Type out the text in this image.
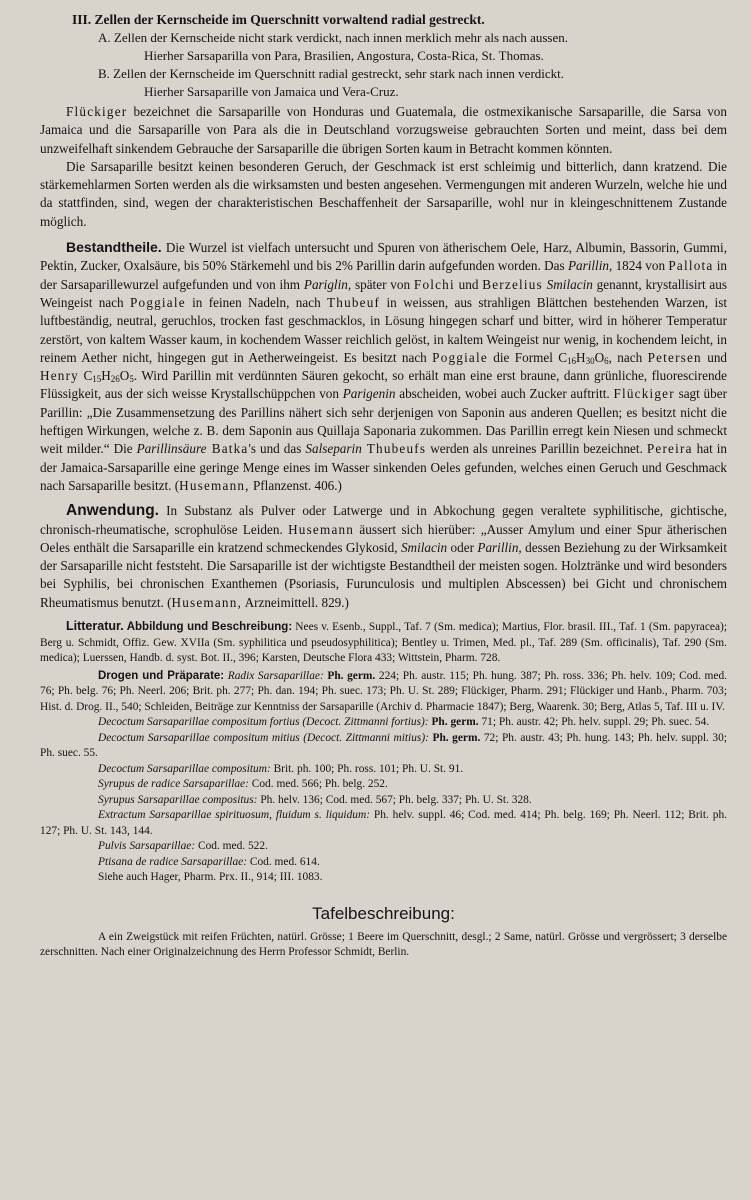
III. Zellen der Kernscheide im Querschnitt vorwaltend radial gestreckt.

A. Zellen der Kernscheide nicht stark verdickt, nach innen merklich mehr als nach aussen.

Hierher Sarsaparilla von Para, Brasilien, Angostura, Costa-Rica, St. Thomas.

B. Zellen der Kernscheide im Querschnitt radial gestreckt, sehr stark nach innen verdickt.

Hierher Sarsaparille von Jamaica und Vera-Cruz.

Flückiger bezeichnet die Sarsaparille von Honduras und Guatemala, die ostmexikanische Sarsaparille, die Sarsa von Jamaica und die Sarsaparille von Para als die in Deutschland vorzugsweise gebrauchten Sorten und meint, dass bei dem unzweifelhaft sinkendem Gebrauche der Sarsaparille die übrigen Sorten kaum in Betracht kommen könnten.

Die Sarsaparille besitzt keinen besonderen Geruch, der Geschmack ist erst schleimig und bitterlich, dann kratzend. Die stärkemehlarmen Sorten werden als die wirksamsten und besten angesehen. Vermengungen mit anderen Wurzeln, welche hie und da stattfinden, sind, wegen der charakteristischen Beschaffenheit der Sarsaparille, wohl nur in kleingeschnittenem Zustande möglich.

Bestandtheile. Die Wurzel ist vielfach untersucht und Spuren von ätherischem Oele, Harz, Albumin, Bassorin, Gummi, Pektin, Zucker, Oxalsäure, bis 50% Stärkemehl und bis 2% Parillin darin aufgefunden worden. Das Parillin, 1824 von Pallota in der Sarsaparillewurzel aufgefunden und von ihm Pariglin, später von Folchi und Berzelius Smilacin genannt, krystallisirt aus Weingeist nach Poggiale in feinen Nadeln, nach Thubeuf in weissen, aus strahligen Blättchen bestehenden Warzen, ist luftbeständig, neutral, geruchlos, trocken fast geschmacklos, in Lösung hingegen scharf und bitter, wird in höherer Temperatur zerstört, von kaltem Wasser kaum, in kochendem Wasser reichlich gelöst, in kaltem Weingeist nur wenig, in kochendem leicht, in reinem Aether nicht, hingegen gut in Aetherweingeist. Es besitzt nach Poggiale die Formel $C_{16}H_{30}O_6$, nach Petersen und Henry $C_{15}H_{26}O_5$. Wird Parillin mit verdünnten Säuren gekocht, so erhält man eine erst braune, dann grünliche, fluorescirende Flüssigkeit, aus der sich weisse Krystallschüppchen von Parigenin abscheiden, wobei auch Zucker auftritt. Flückiger sagt über Parillin: „Die Zusammensetzung des Parillins nähert sich sehr derjenigen von Saponin aus anderen Quellen; es besitzt nicht die heftigen Wirkungen, welche z. B. dem Saponin aus Quillaja Saponaria zukommen. Das Parillin erregt kein Niesen und schmeckt weit milder.“ Die Parillinsäure Batka's und das Salseparin Thubeufs werden als unreines Parillin bezeichnet. Pereira hat in der Jamaica-Sarsaparille eine geringe Menge eines im Wasser sinkenden Oeles gefunden, welches einen Geruch und Geschmack nach Sarsaparille besitzt. (Husemann, Pflanzenst. 406.)

Anwendung. In Substanz als Pulver oder Latwerge und in Abkochung gegen veraltete syphilitische, gichtische, chronisch-rheumatische, scrophulöse Leiden. Husemann äussert sich hierüber: „Ausser Amylum und einer Spur ätherischen Oeles enthält die Sarsaparille ein kratzend schmeckendes Glykosid, Smilacin oder Parillin, dessen Beziehung zu der Wirksamkeit der Sarsaparille nicht feststeht. Die Sarsaparille ist der wichtigste Bestandtheil der meisten sogen. Holztränke und wird besonders bei Syphilis, bei chronischen Exanthemen (Psoriasis, Furunculosis und multiplen Abscessen) bei Gicht und chronischem Rheumatismus benutzt. (Husemann, Arzneimittell. 829.)

Litteratur. Abbildung und Beschreibung: Nees v. Esenb., Suppl., Taf. 7 (Sm. medica); Martius, Flor. brasil. III., Taf. 1 (Sm. papyracea); Berg u. Schmidt, Offiz. Gew. XVIIa (Sm. syphilitica und pseudosyphilitica); Bentley u. Trimen, Med. pl., Taf. 289 (Sm. officinalis), Taf. 290 (Sm. medica); Luerssen, Handb. d. syst. Bot. II., 396; Karsten, Deutsche Flora 433; Wittstein, Pharm. 728.

Drogen und Präparate: Radix Sarsaparillae: Ph. germ. 224; Ph. austr. 115; Ph. hung. 387; Ph. ross. 336; Ph. helv. 109; Cod. med. 76; Ph. belg. 76; Ph. Neerl. 206; Brit. ph. 277; Ph. dan. 194; Ph. suec. 173; Ph. U. St. 289; Flückiger, Pharm. 291; Flückiger und Hanb., Pharm. 703; Hist. d. Drog. II., 540; Schleiden, Beiträge zur Kenntniss der Sarsaparille (Archiv d. Pharmacie 1847); Berg, Waarenk. 30; Berg, Atlas 5, Taf. III u. IV.

Decoctum Sarsaparillae compositum fortius (Decoct. Zittmanni fortius): Ph. germ. 71; Ph. austr. 42; Ph. helv. suppl. 29; Ph. suec. 54.

Decoctum Sarsaparillae compositum mitius (Decoct. Zittmanni mitius): Ph. germ. 72; Ph. austr. 43; Ph. hung. 143; Ph. helv. suppl. 30; Ph. suec. 55.

Decoctum Sarsaparillae compositum: Brit. ph. 100; Ph. ross. 101; Ph. U. St. 91.

Syrupus de radice Sarsaparillae: Cod. med. 566; Ph. belg. 252.

Syrupus Sarsaparillae compositus: Ph. helv. 136; Cod. med. 567; Ph. belg. 337; Ph. U. St. 328.

Extractum Sarsaparillae spirituosum, fluidum s. liquidum: Ph. helv. suppl. 46; Cod. med. 414; Ph. belg. 169; Ph. Neerl. 112; Brit. ph. 127; Ph. U. St. 143, 144.

Pulvis Sarsaparillae: Cod. med. 522.

Ptisana de radice Sarsaparillae: Cod. med. 614.

Siehe auch Hager, Pharm. Prx. II., 914; III. 1083.

Tafelbeschreibung:

A ein Zweigstück mit reifen Früchten, natürl. Grösse; 1 Beere im Querschnitt, desgl.; 2 Same, natürl. Grösse und vergrössert; 3 derselbe zerschnitten. Nach einer Originalzeichnung des Herrn Professor Schmidt, Berlin.
